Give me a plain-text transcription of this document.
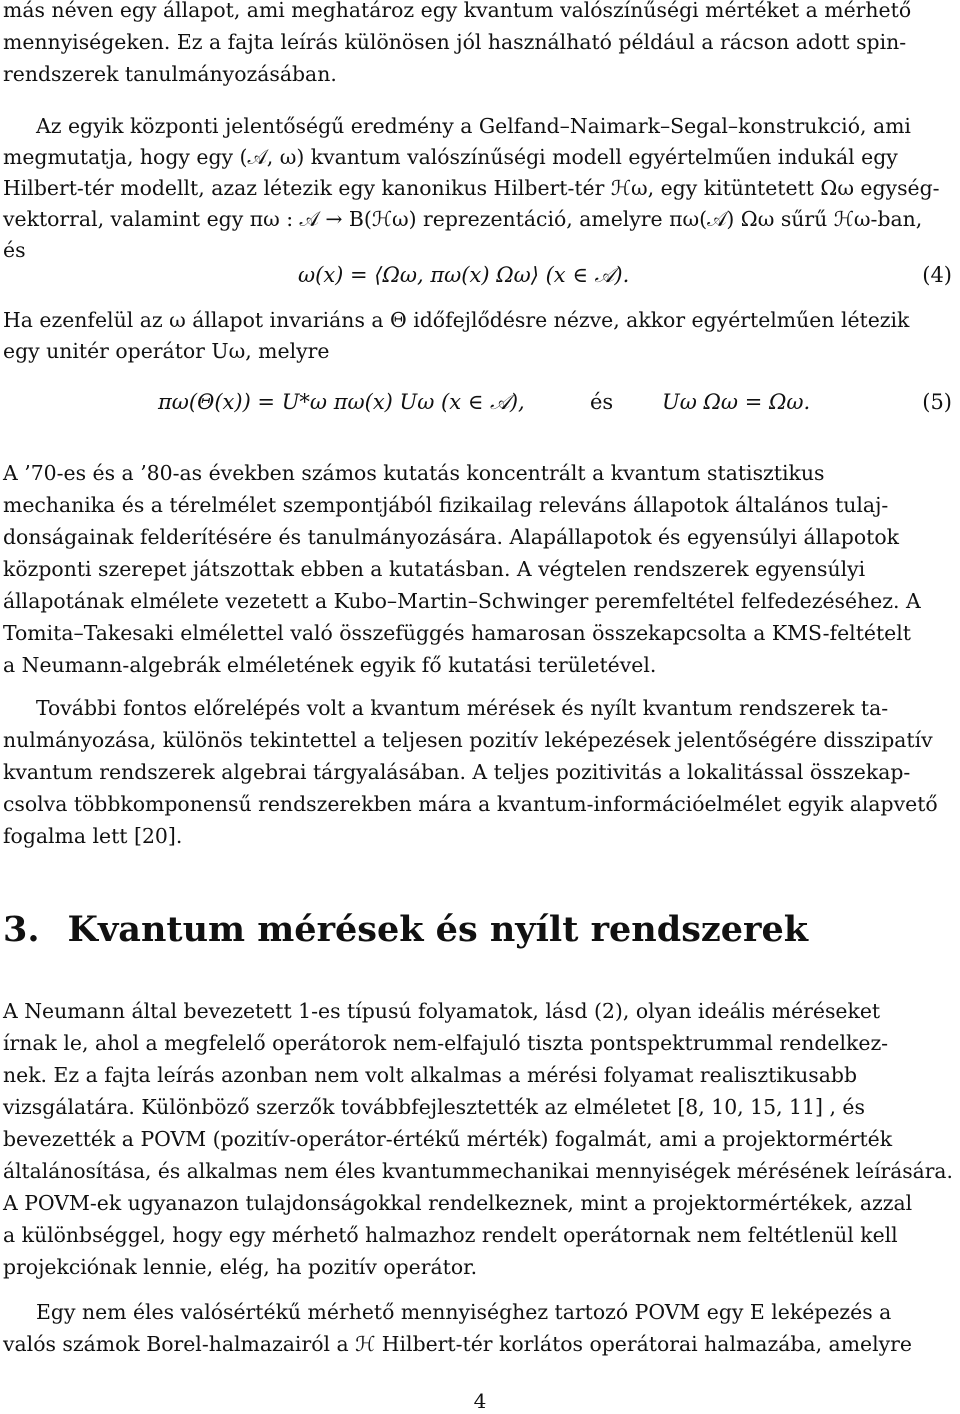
más néven egy állapot, ami meghatároz egy kvantum valószínűségi mértéket a mérhető
mennyiségeken. Ez a fajta leírás különösen jól használható például a rácson adott spin-
rendszerek tanulmányozásában.
Az egyik központi jelentőségű eredmény a Gelfand–Naimark–Segal–konstrukció, ami
megmutatja, hogy egy (𝒜, ω) kvantum valószínűségi modell egyértelműen indukál egy
Hilbert-tér modellt, azaz létezik egy kanonikus Hilbert-tér ℋω, egy kitüntetett Ωω egység-
vektorral, valamint egy πω : 𝒜 → B(ℋω) reprezentáció, amelyre πω(𝒜) Ωω sűrű ℋω-ban,
és
ω(x) = ⟨Ωω, πω(x) Ωω⟩ (x ∈ 𝒜).	(4)
Ha ezenfelül az ω állapot invariáns a Θ időfejlődésre nézve, akkor egyértelműen létezik
egy unitér operátor Uω, melyre
πω(Θ(x)) = U*ω πω(x) Uω (x ∈ 𝒜),	és Uω Ωω = Ωω.	(5)
A ’70-es és a ’80-as években számos kutatás koncentrált a kvantum statisztikus
mechanika és a térelmélet szempontjából fizikailag releváns állapotok általános tulaj-
donságainak felderítésére és tanulmányozására. Alapállapotok és egyensúlyi állapotok
központi szerepet játszottak ebben a kutatásban. A végtelen rendszerek egyensúlyi
állapotának elmélete vezetett a Kubo–Martin–Schwinger peremfeltétel felfedezéséhez. A
Tomita–Takesaki elmélettel való összefüggés hamarosan összekapcsolta a KMS-feltételt
a Neumann-algebrák elméletének egyik fő kutatási területével.
További fontos előrelépés volt a kvantum mérések és nyílt kvantum rendszerek ta-
nulmányozása, különös tekintettel a teljesen pozitív leképezések jelentőségére disszipatív
kvantum rendszerek algebrai tárgyalásában. A teljes pozitivitás a lokalitással összekap-
csolva többkomponensű rendszerekben mára a kvantum-információelmélet egyik alapvető
fogalma lett [20].
3. Kvantum mérések és nyílt rendszerek
A Neumann által bevezetett 1-es típusú folyamatok, lásd (2), olyan ideális méréseket
írnak le, ahol a megfelelő operátorok nem-elfajuló tiszta pontspektrummal rendelkez-
nek. Ez a fajta leírás azonban nem volt alkalmas a mérési folyamat realisztikusabb
vizsgálatára. Különböző szerzők továbbfejlesztették az elméletet [8, 10, 15, 11] , és
bevezették a POVM (pozitív-operátor-értékű mérték) fogalmát, ami a projektormérték
általánosítása, és alkalmas nem éles kvantummechanikai mennyiségek mérésének leírására.
A POVM-ek ugyanazon tulajdonságokkal rendelkeznek, mint a projektormértékek, azzal
a különbséggel, hogy egy mérhető halmazhoz rendelt operátornak nem feltétlenül kell
projekciónak lennie, elég, ha pozitív operátor.
Egy nem éles valósértékű mérhető mennyiséghez tartozó POVM egy E leképezés a
valós számok Borel-halmazairól a ℋ Hilbert-tér korlátos operátorai halmazába, amelyre
4
